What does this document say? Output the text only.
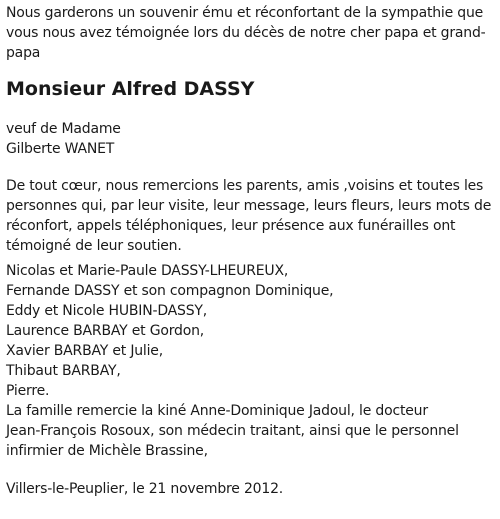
Nous garderons un souvenir ému et réconfortant de la sympathie que vous nous avez témoignée lors du décès de notre cher papa et grand-papa

Monsieur Alfred DASSY

veuf de Madame
Gilberte WANET

De tout cœur, nous remercions les parents, amis ,voisins et toutes les personnes qui, par leur visite, leur message, leurs fleurs, leurs mots de réconfort, appels téléphoniques, leur présence aux funérailles ont témoigné de leur soutien.

Nicolas et Marie-Paule DASSY-LHEUREUX,
Fernande DASSY et son compagnon Dominique,
Eddy et Nicole HUBIN-DASSY,
Laurence BARBAY et Gordon,
Xavier BARBAY et Julie,
Thibaut BARBAY,
Pierre.
La famille remercie la kiné Anne-Dominique Jadoul, le docteur
Jean-François Rosoux, son médecin traitant, ainsi que le personnel
infirmier de Michèle Brassine,

Villers-le-Peuplier, le 21 novembre 2012.
